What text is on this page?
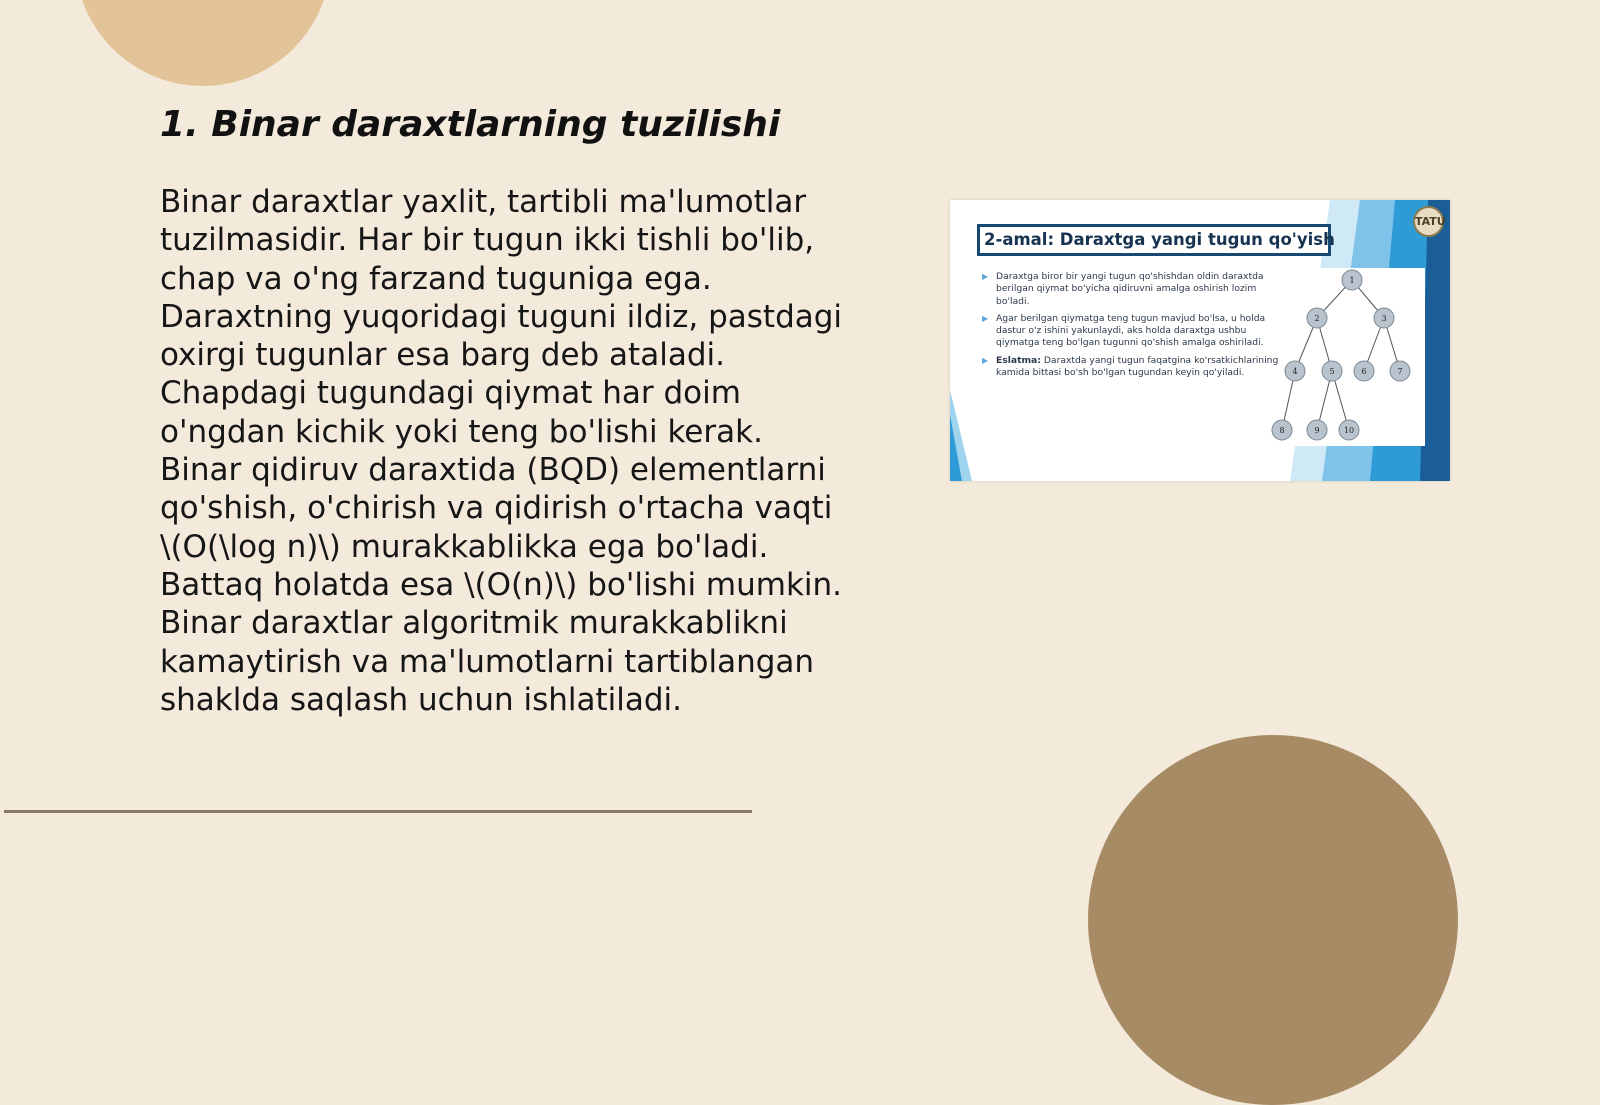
1. Binar daraxtlarning tuzilishi

Binar daraxtlar yaxlit, tartibli ma'lumotlar tuzilmasidir. Har bir tugun ikki tishli bo'lib, chap va o'ng farzand tuguniga ega. Daraxtning yuqoridagi tuguni ildiz, pastdagi oxirgi tugunlar esa barg deb ataladi. Chapdagi tugundagi qiymat har doim o'ngdan kichik yoki teng bo'lishi kerak. Binar qidiruv daraxtida (BQD) elementlarni qo'shish, o'chirish va qidirish o'rtacha vaqti \(O(\log n)\) murakkablikka ega bo'ladi. Battaq holatda esa \(O(n)\) bo'lishi mumkin. Binar daraxtlar algoritmik murakkablikni kamaytirish va ma'lumotlarni tartiblangan shaklda saqlash uchun ishlatiladi.

1
2	3
4	5	6	7
8	9	10
TATU
2-amal: Daraxtga yangi tugun qo'yish
▶ Daraxtga biror bir yangi tugun qo'shishdan oldin daraxtda berilgan qiymat bo'yicha qidiruvni amalga oshirish lozim bo'ladi.
▶ Agar berilgan qiymatga teng tugun mavjud bo'lsa, u holda dastur o'z ishini yakunlaydi, aks holda daraxtga ushbu qiymatga teng bo'lgan tugunni qo'shish amalga oshiriladi.
▶ Eslatma: Daraxtda yangi tugun faqatgina ko'rsatkichlarining kamida bittasi bo'sh bo'lgan tugundan keyin qo'yiladi.
